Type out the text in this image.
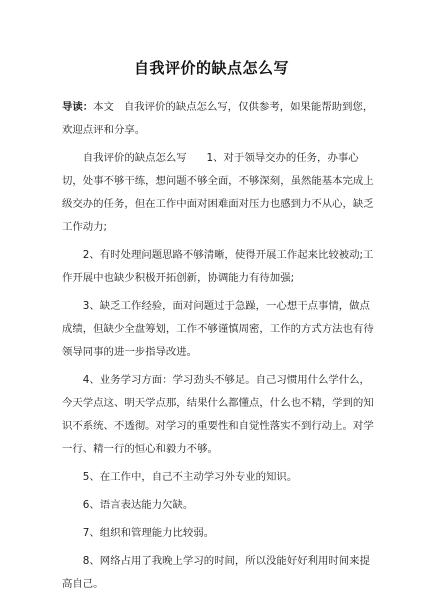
自我评价的缺点怎么写

导读：本文   自我评价的缺点怎么写，仅供参考，如果能帮助到您，欢迎点评和分享。

自我评价的缺点怎么写      1、对于领导交办的任务，办事心切，处事不够干练，想问题不够全面，不够深刻，虽然能基本完成上级交办的任务，但在工作中面对困难面对压力也感到力不从心，缺乏工作动力;

2、有时处理问题思路不够清晰，使得开展工作起来比较被动;工作开展中也缺少积极开拓创新，协调能力有待加强;

3、缺乏工作经验，面对问题过于急躁，一心想干点事情，做点成绩，但缺少全盘筹划，工作不够谨慎周密，工作的方式方法也有待领导同事的进一步指导改进。

4、业务学习方面：学习劲头不够足。自己习惯用什么学什么，今天学点这、明天学点那，结果什么都懂点，什么也不精，学到的知识不系统、不透彻。对学习的重要性和自觉性落实不到行动上。对学一行、精一行的恒心和毅力不够。

5、在工作中，自己不主动学习外专业的知识。

6、语言表达能力欠缺。

7、组织和管理能力比较弱。

8、网络占用了我晚上学习的时间，所以没能好好利用时间来提高自己。
